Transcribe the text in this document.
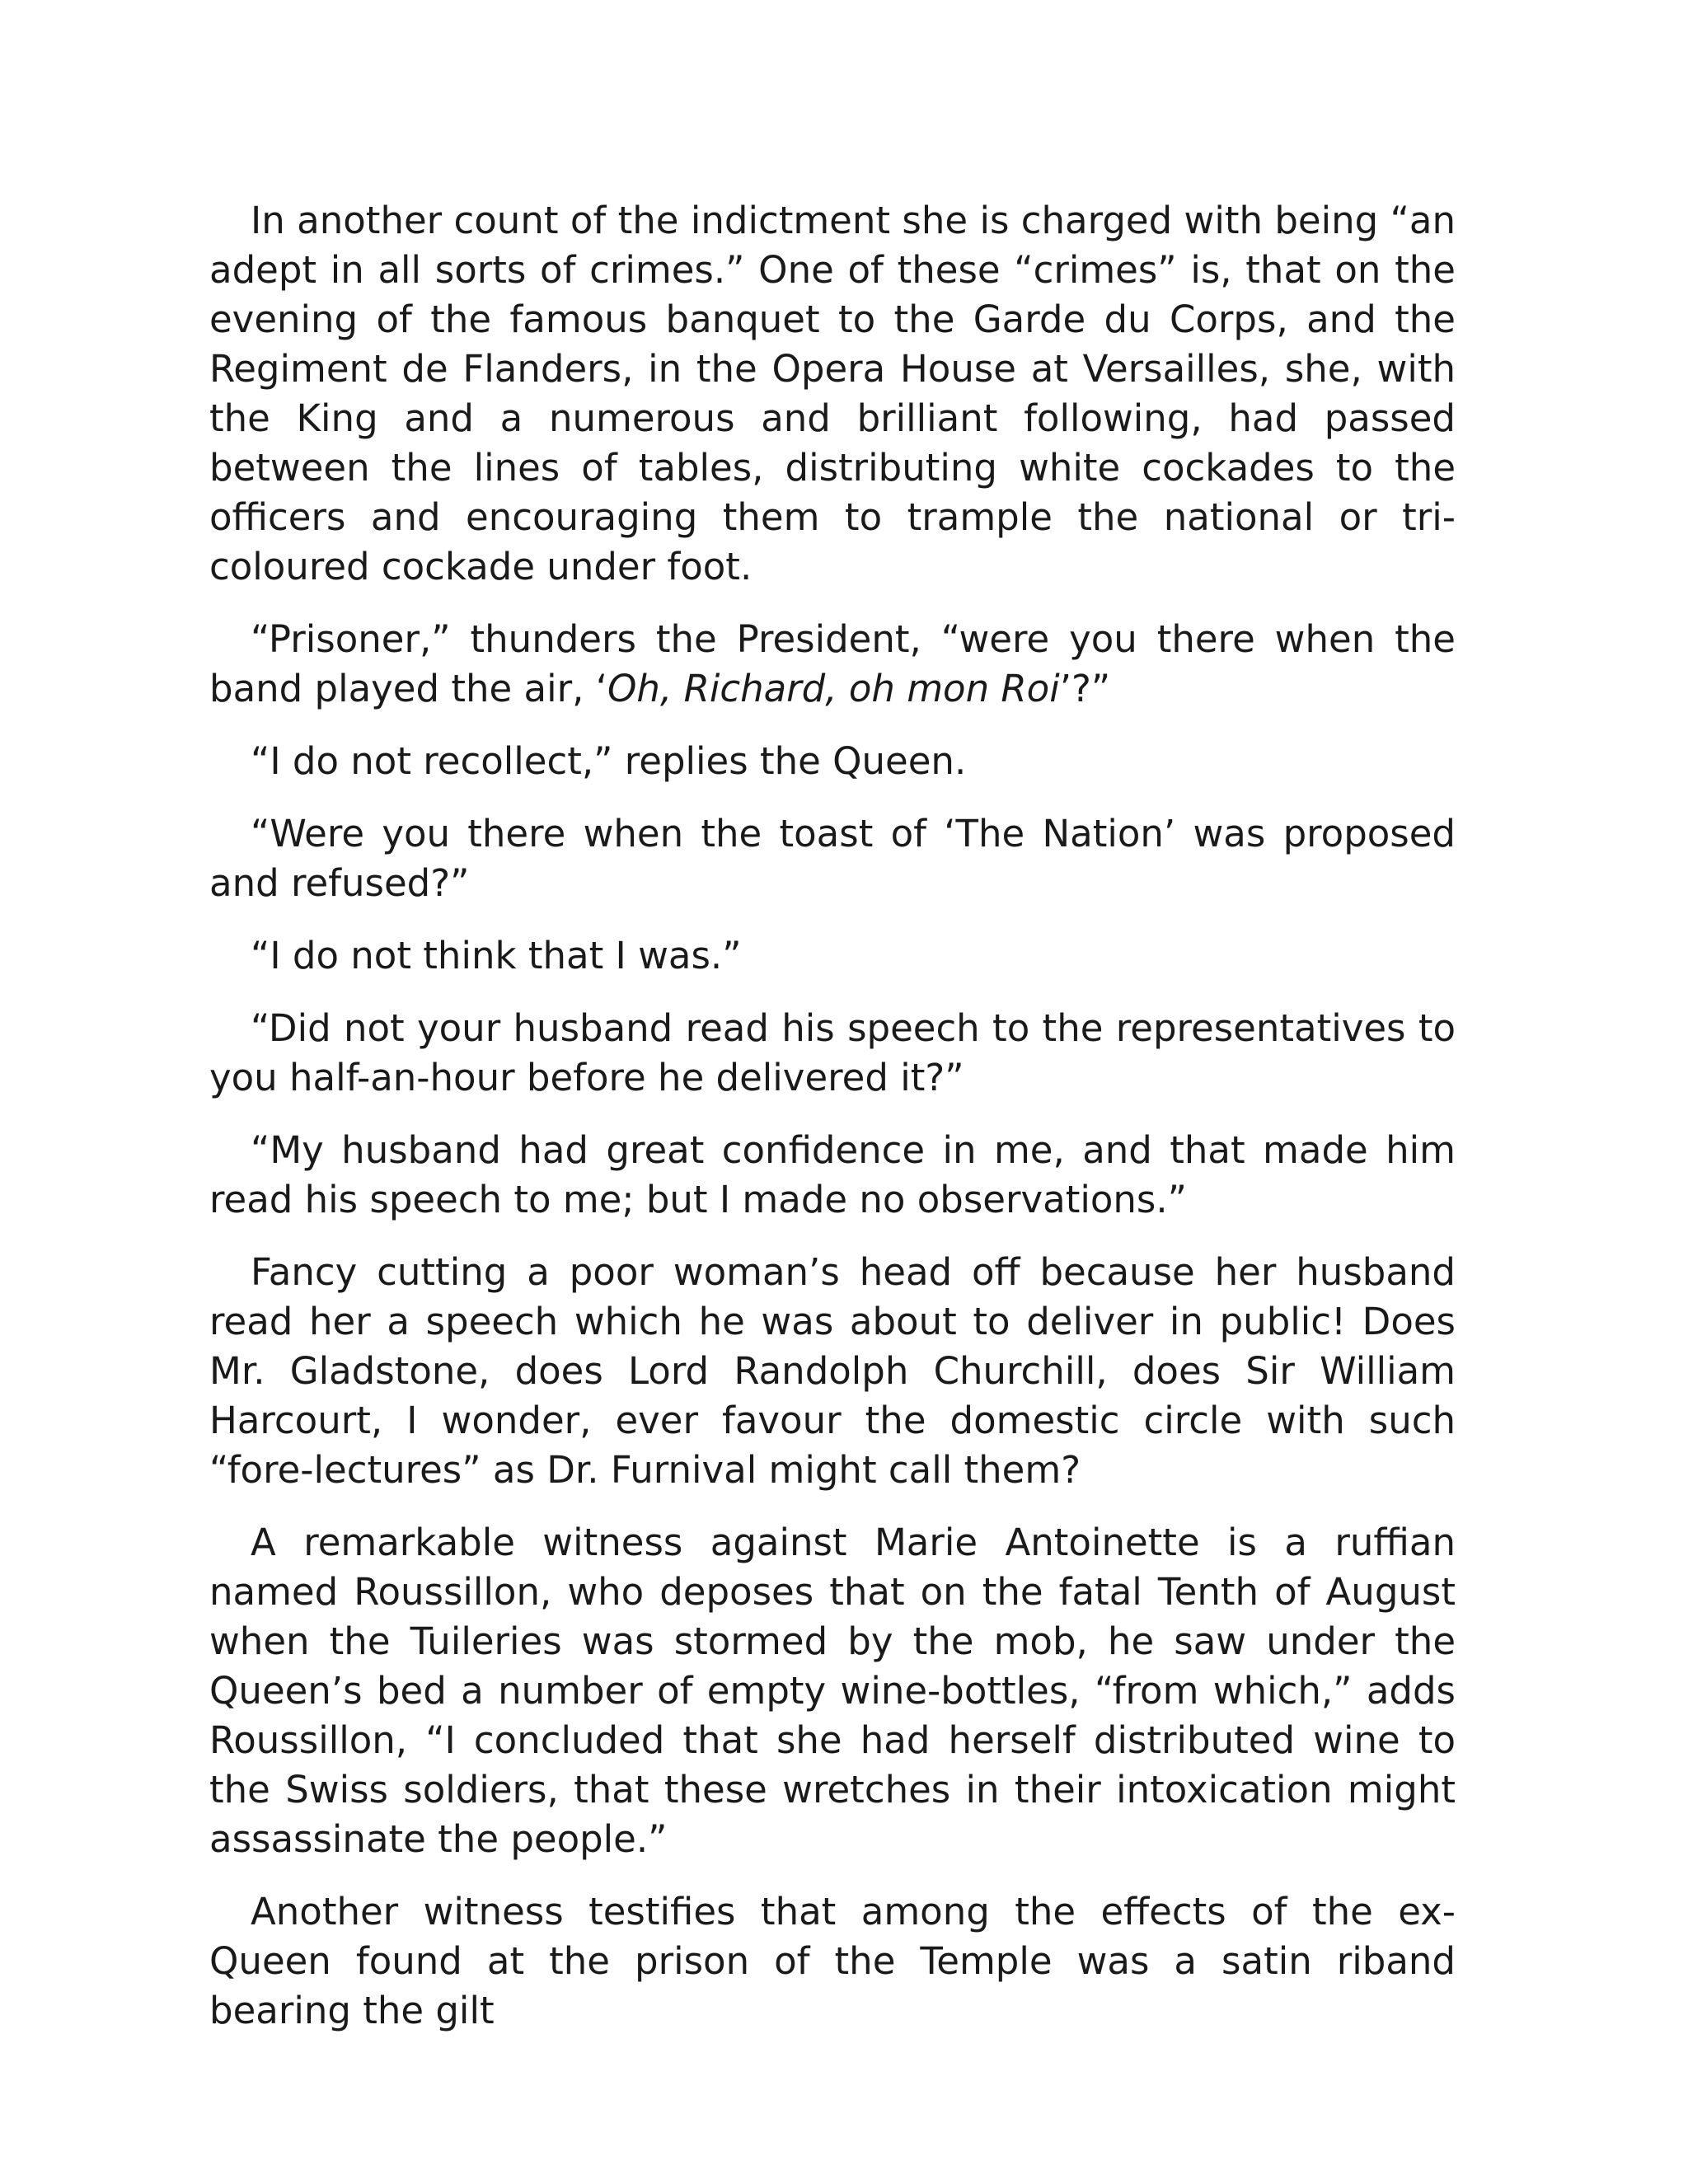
In another count of the indictment she is charged with being “an adept in all sorts of crimes.” One of these “crimes” is, that on the evening of the famous banquet to the Garde du Corps, and the Regiment de Flanders, in the Opera House at Versailles, she, with the King and a numerous and brilliant following, had passed between the lines of tables, distributing white cockades to the officers and encouraging them to trample the national or tri-coloured cockade under foot.

“Prisoner,” thunders the President, “were you there when the band played the air, ‘Oh, Richard, oh mon Roi’?”

“I do not recollect,” replies the Queen.

“Were you there when the toast of ‘The Nation’ was proposed and refused?”

“I do not think that I was.”

“Did not your husband read his speech to the representatives to you half-an-hour before he delivered it?”

“My husband had great confidence in me, and that made him read his speech to me; but I made no observations.”

Fancy cutting a poor woman’s head off because her husband read her a speech which he was about to deliver in public! Does Mr. Gladstone, does Lord Randolph Churchill, does Sir William Harcourt, I wonder, ever favour the domestic circle with such “fore-lectures” as Dr. Furnival might call them?

A remarkable witness against Marie Antoinette is a ruffian named Roussillon, who deposes that on the fatal Tenth of August when the Tuileries was stormed by the mob, he saw under the Queen’s bed a number of empty wine-bottles, “from which,” adds Roussillon, “I concluded that she had herself distributed wine to the Swiss soldiers, that these wretches in their intoxication might assassinate the people.”

Another witness testifies that among the effects of the ex-Queen found at the prison of the Temple was a satin riband bearing the gilt
